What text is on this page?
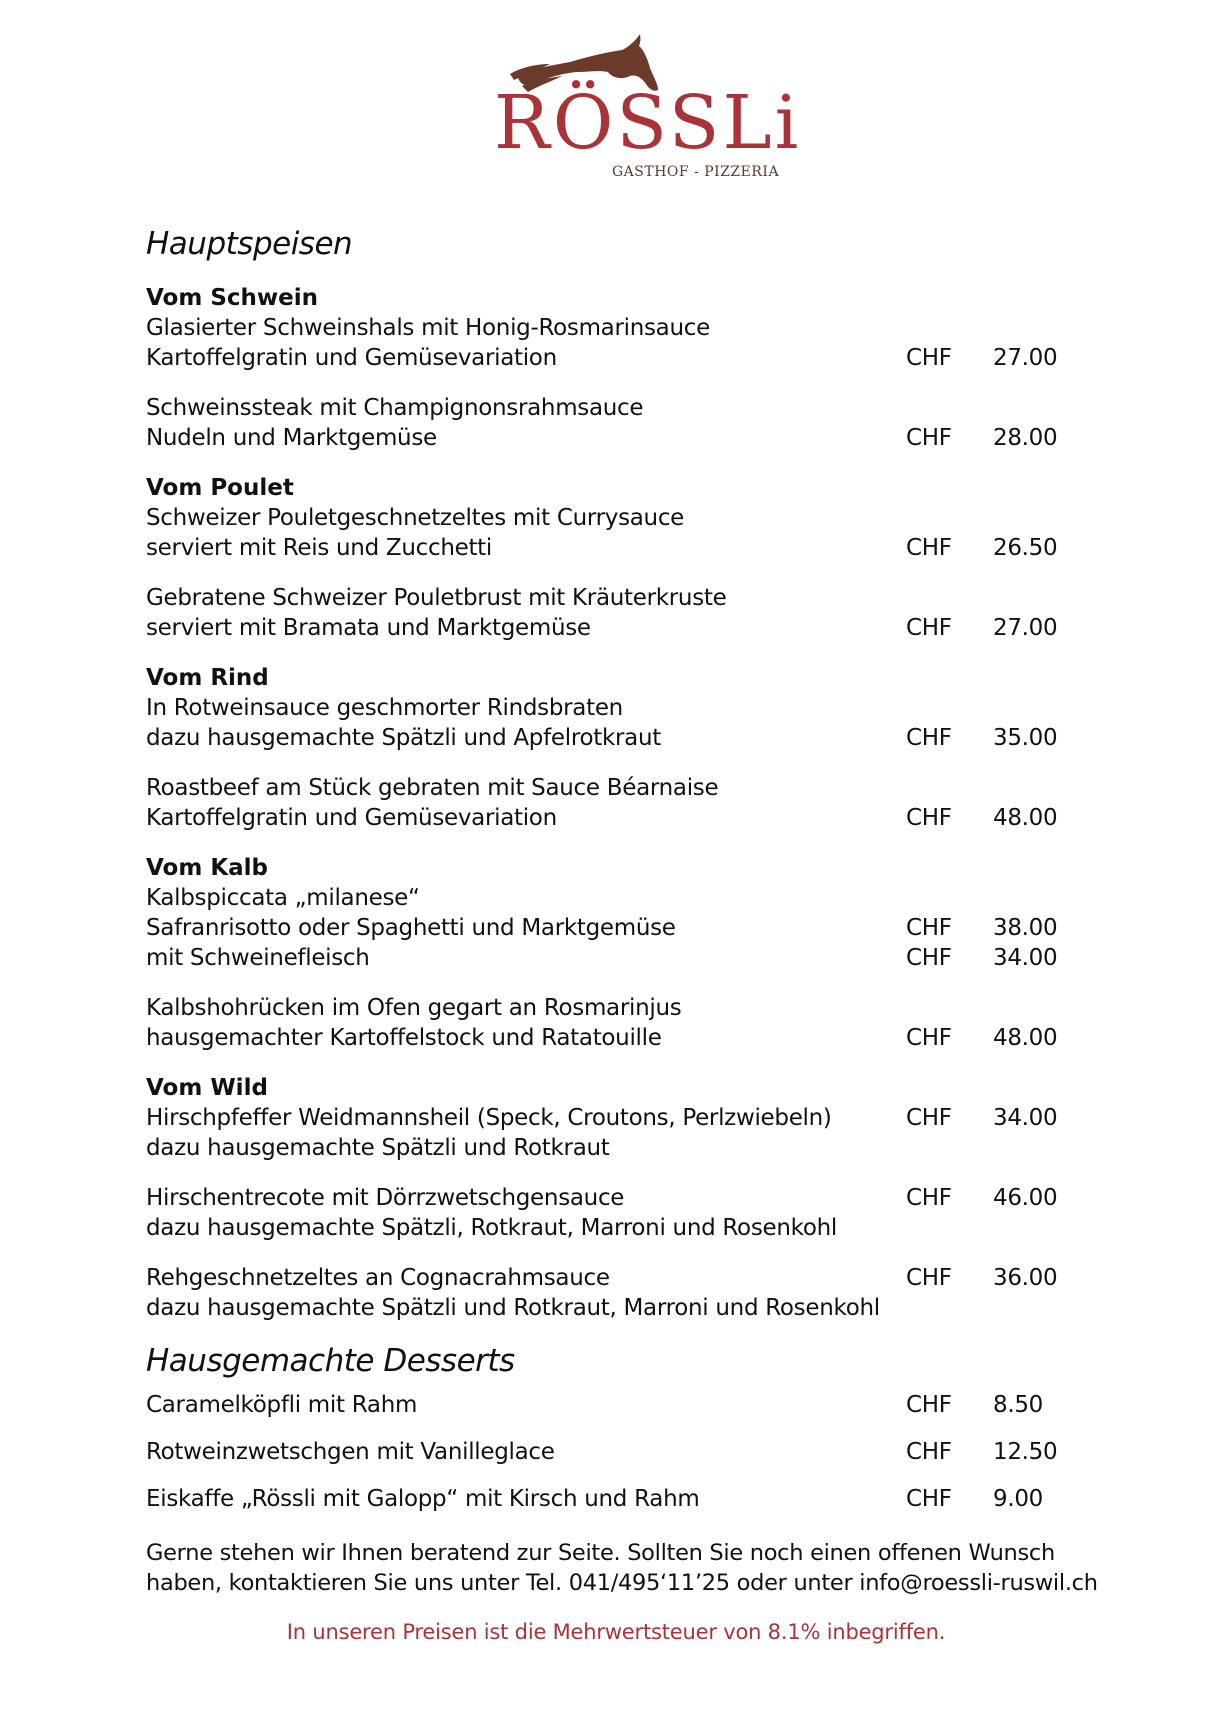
RÖSSLi
GASTHOF - PIZZERIA
Hauptspeisen
Vom Schwein
Glasierter Schweinshals mit Honig-Rosmarinsauce
Kartoffelgratin und Gemüsevariation	CHF	27.00
Schweinssteak mit Champignonsrahmsauce
Nudeln und Marktgemüse	CHF	28.00
Vom Poulet
Schweizer Pouletgeschnetzeltes mit Currysauce
serviert mit Reis und Zucchetti	CHF	26.50
Gebratene Schweizer Pouletbrust mit Kräuterkruste
serviert mit Bramata und Marktgemüse	CHF	27.00
Vom Rind
In Rotweinsauce geschmorter Rindsbraten
dazu hausgemachte Spätzli und Apfelrotkraut	CHF	35.00
Roastbeef am Stück gebraten mit Sauce Béarnaise
Kartoffelgratin und Gemüsevariation	CHF	48.00
Vom Kalb
Kalbspiccata „milanese“
Safranrisotto oder Spaghetti und Marktgemüse	CHF	38.00
mit Schweinefleisch	CHF	34.00
Kalbshohrücken im Ofen gegart an Rosmarinjus
hausgemachter Kartoffelstock und Ratatouille	CHF	48.00
Vom Wild
Hirschpfeffer Weidmannsheil (Speck, Croutons, Perlzwiebeln)	CHF	34.00
dazu hausgemachte Spätzli und Rotkraut
Hirschentrecote mit Dörrzwetschgensauce	CHF	46.00
dazu hausgemachte Spätzli, Rotkraut, Marroni und Rosenkohl
Rehgeschnetzeltes an Cognacrahmsauce	CHF	36.00
dazu hausgemachte Spätzli und Rotkraut, Marroni und Rosenkohl
Hausgemachte Desserts
Caramelköpfli mit Rahm	CHF	8.50
Rotweinzwetschgen mit Vanilleglace	CHF	12.50
Eiskaffe „Rössli mit Galopp“ mit Kirsch und Rahm	CHF	9.00
Gerne stehen wir Ihnen beratend zur Seite. Sollten Sie noch einen offenen Wunsch
haben, kontaktieren Sie uns unter Tel. 041/495‘11’25 oder unter info@roessli-ruswil.ch
In unseren Preisen ist die Mehrwertsteuer von 8.1% inbegriffen.
